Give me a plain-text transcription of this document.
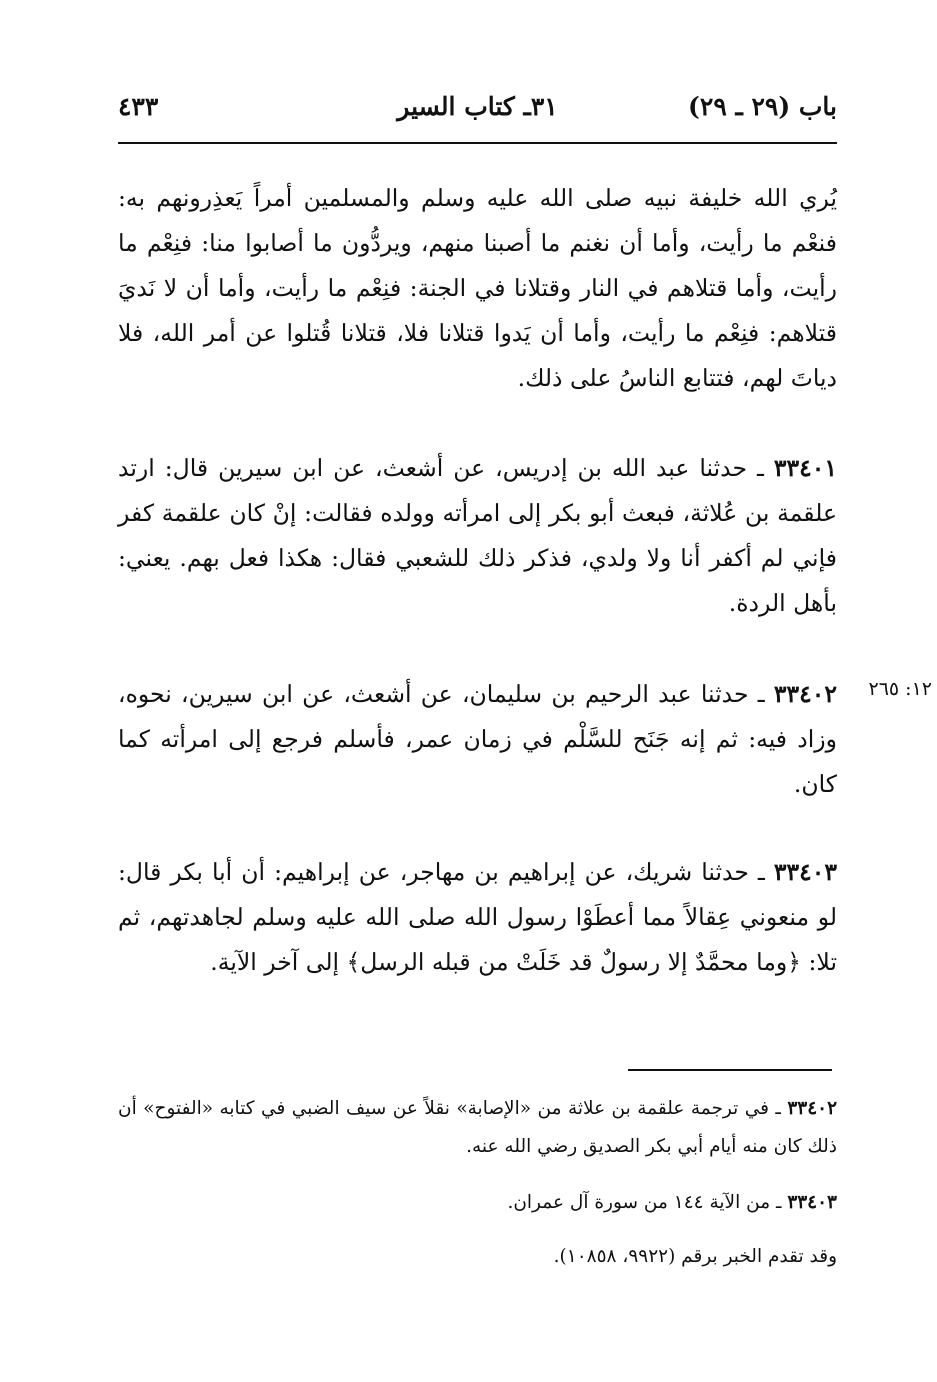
باب (٢٩ ـ ٢٩)
٣١ـ كتاب السير
٤٣٣
يُري الله خليفة نبيه صلى الله عليه وسلم والمسلمين أمراً يَعذِرونهم به: فنعْم ما رأيت، وأما أن نغنم ما أصبنا منهم، ويردُّون ما أصابوا منا: فنِعْم ما رأيت، وأما قتلاهم في النار وقتلانا في الجنة: فنِعْم ما رأيت، وأما أن لا نَديَ قتلاهم: فنِعْم ما رأيت، وأما أن يَدوا قتلانا فلا، قتلانا قُتلوا عن أمر الله، فلا دياتَ لهم، فتتابع الناسُ على ذلك.
٣٣٤٠١ ـ حدثنا عبد الله بن إدريس، عن أشعث، عن ابن سيرين قال: ارتد علقمة بن عُلاثة، فبعث أبو بكر إلى امرأته وولده فقالت: إنْ كان علقمة كفر فإني لم أكفر أنا ولا ولدي، فذكر ذلك للشعبي فقال: هكذا فعل بهم. يعني: بأهل الردة.
٣٣٤٠٢ ـ حدثنا عبد الرحيم بن سليمان، عن أشعث، عن ابن سيرين، نحوه، وزاد فيه: ثم إنه جَنَح للسَّلْم في زمان عمر، فأسلم فرجع إلى امرأته كما كان.
١٢: ٢٦٥
٣٣٤٠٣ ـ حدثنا شريك، عن إبراهيم بن مهاجر، عن إبراهيم: أن أبا بكر قال: لو منعوني عِقالاً مما أعطَوْا رسول الله صلى الله عليه وسلم لجاهدتهم، ثم تلا: ﴿وما محمَّدٌ إلا رسولٌ قد خَلَتْ من قبله الرسل﴾ إلى آخر الآية.
٣٣٤٠٢ ـ في ترجمة علقمة بن علاثة من «الإصابة» نقلاً عن سيف الضبي في كتابه «الفتوح» أن ذلك كان منه أيام أبي بكر الصديق رضي الله عنه.
٣٣٤٠٣ ـ من الآية ١٤٤ من سورة آل عمران.
وقد تقدم الخبر برقم (٩٩٢٢، ١٠٨٥٨).
